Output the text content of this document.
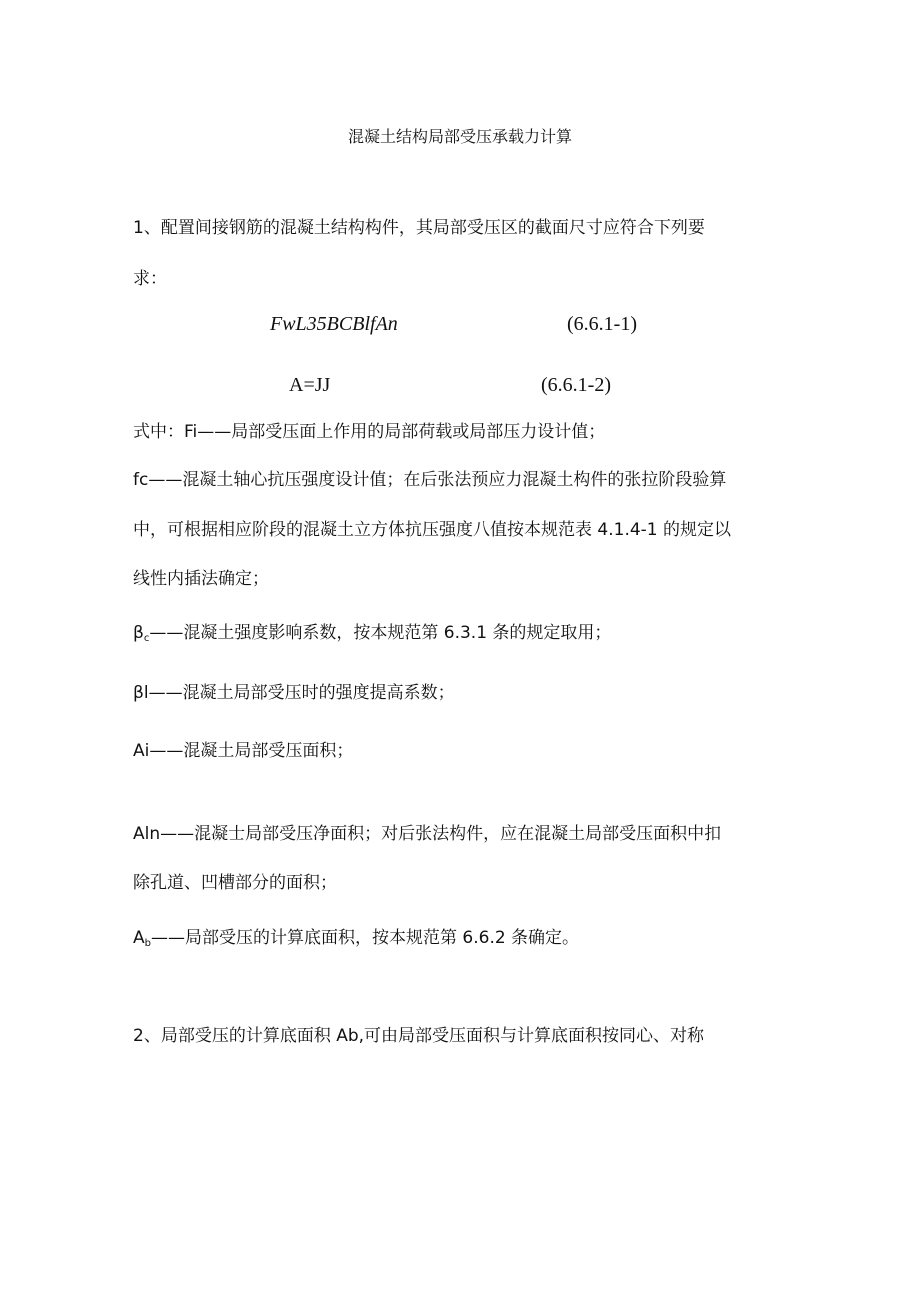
混凝土结构局部受压承载力计算
1、配置间接钢筋的混凝土结构构件，其局部受压区的截面尺寸应符合下列要
求：
FwL35BCBlfAn	(6.6.1-1)
A=JJ	(6.6.1-2)
式中：Fi——局部受压面上作用的局部荷载或局部压力设计值；
fc——混凝土轴心抗压强度设计值；在后张法预应力混凝土构件的张拉阶段验算
中，可根据相应阶段的混凝土立方体抗压强度八值按本规范表 4.1.4-1 的规定以
线性内插法确定；
$\beta_c——$混凝土强度影响系数，按本规范第 6.3.1 条的规定取用；
βl——混凝土局部受压时的强度提高系数；
Ai——混凝土局部受压面积；
Aln——混凝士局部受压净面积；对后张法构件，应在混凝土局部受压面积中扣
除孔道、凹槽部分的面积；
$A_b——$局部受压的计算底面积，按本规范第 6.6.2 条确定。
2、局部受压的计算底面积 Ab,可由局部受压面积与计算底面积按同心、对称
